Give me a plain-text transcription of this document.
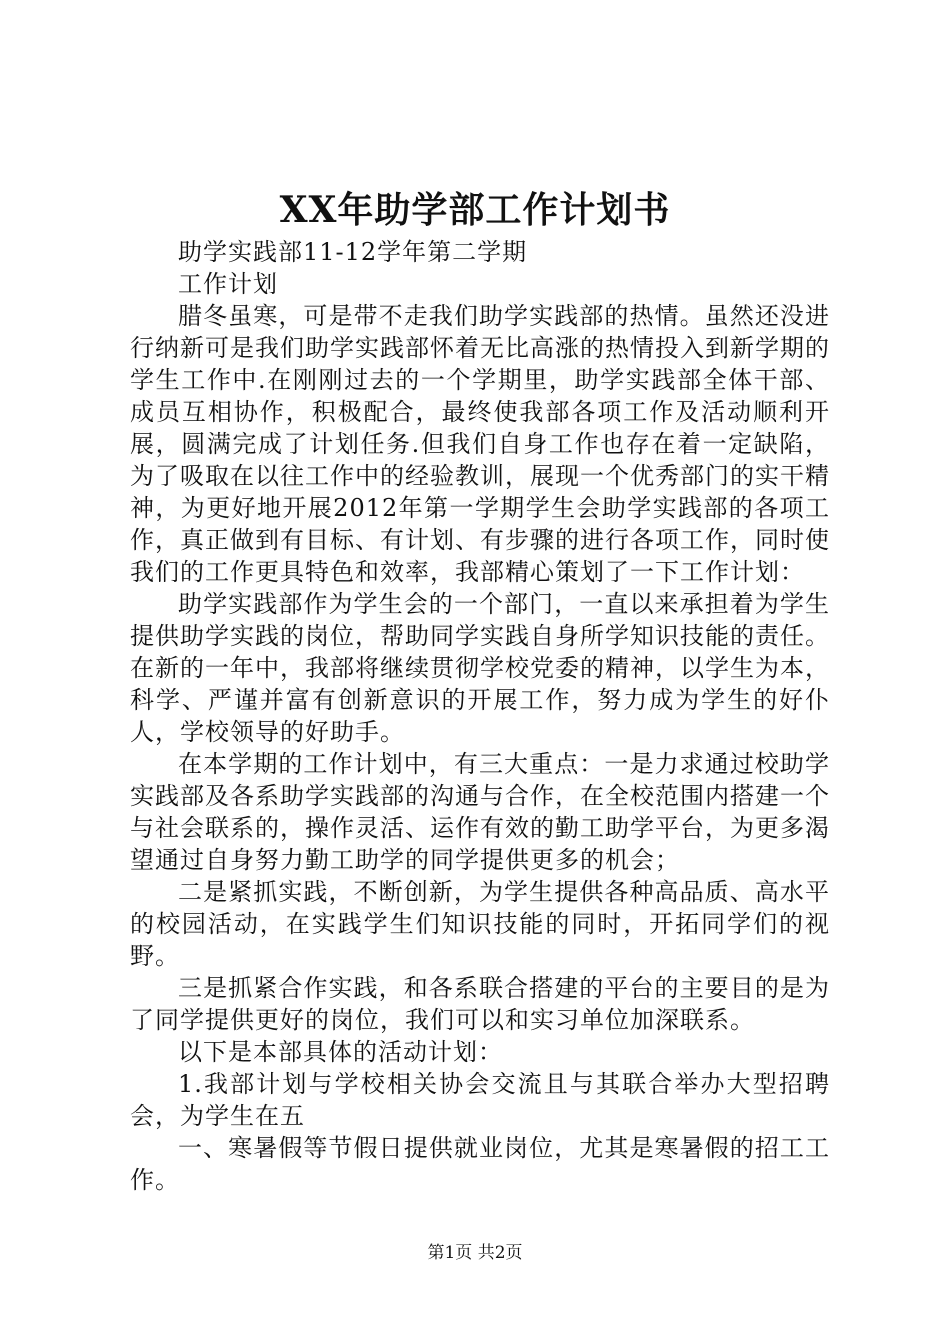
XX年助学部工作计划书

助学实践部11-12学年第二学期

工作计划

腊冬虽寒，可是带不走我们助学实践部的热情。虽然还没进行纳新可是我们助学实践部怀着无比高涨的热情投入到新学期的学生工作中.在刚刚过去的一个学期里，助学实践部全体干部、成员互相协作，积极配合，最终使我部各项工作及活动顺利开展，圆满完成了计划任务.但我们自身工作也存在着一定缺陷，为了吸取在以往工作中的经验教训，展现一个优秀部门的实干精神，为更好地开展2012年第一学期学生会助学实践部的各项工作，真正做到有目标、有计划、有步骤的进行各项工作，同时使我们的工作更具特色和效率，我部精心策划了一下工作计划：

助学实践部作为学生会的一个部门，一直以来承担着为学生提供助学实践的岗位，帮助同学实践自身所学知识技能的责任。在新的一年中，我部将继续贯彻学校党委的精神，以学生为本，科学、严谨并富有创新意识的开展工作，努力成为学生的好仆人，学校领导的好助手。

在本学期的工作计划中，有三大重点：一是力求通过校助学实践部及各系助学实践部的沟通与合作，在全校范围内搭建一个与社会联系的，操作灵活、运作有效的勤工助学平台，为更多渴望通过自身努力勤工助学的同学提供更多的机会；

二是紧抓实践，不断创新，为学生提供各种高品质、高水平的校园活动，在实践学生们知识技能的同时，开拓同学们的视野。

三是抓紧合作实践，和各系联合搭建的平台的主要目的是为了同学提供更好的岗位，我们可以和实习单位加深联系。

以下是本部具体的活动计划：

1.我部计划与学校相关协会交流且与其联合举办大型招聘会，为学生在五

一、寒暑假等节假日提供就业岗位，尤其是寒暑假的招工工作。

第1页 共2页
